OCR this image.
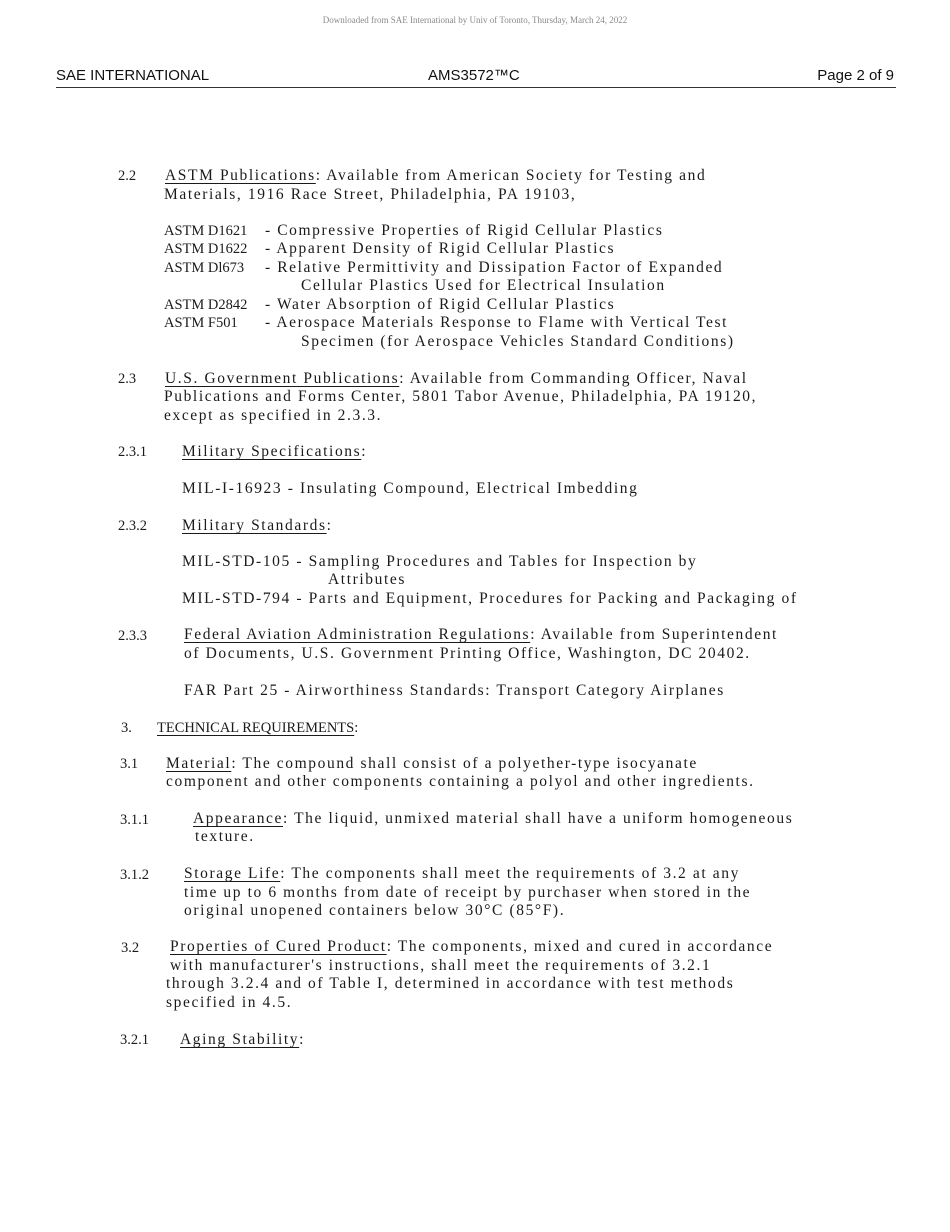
Downloaded from SAE International by Univ of Toronto, Thursday, March 24, 2022
SAE INTERNATIONAL	AMS3572™C	Page 2 of 9
2.2 ASTM Publications: Available from American Society for Testing and
Materials, 1916 Race Street, Philadelphia, PA 19103,
ASTM D1621 - Compressive Properties of Rigid Cellular Plastics
ASTM D1622 - Apparent Density of Rigid Cellular Plastics
ASTM Dl673 - Relative Permittivity and Dissipation Factor of Expanded
Cellular Plastics Used for Electrical Insulation
ASTM D2842 - Water Absorption of Rigid Cellular Plastics
ASTM F501 - Aerospace Materials Response to Flame with Vertical Test
Specimen (for Aerospace Vehicles Standard Conditions)
2.3 U.S. Government Publications: Available from Commanding Officer, Naval
Publications and Forms Center, 5801 Tabor Avenue, Philadelphia, PA 19120,
except as specified in 2.3.3.
2.3.1 Military Specifications:
MIL-I-16923 - Insulating Compound, Electrical Imbedding
2.3.2 Military Standards:
MIL-STD-105 - Sampling Procedures and Tables for Inspection by
Attributes
MIL-STD-794 - Parts and Equipment, Procedures for Packing and Packaging of
2.3.3 Federal Aviation Administration Regulations: Available from Superintendent
of Documents, U.S. Government Printing Office, Washington, DC 20402.
FAR Part 25 - Airworthiness Standards: Transport Category Airplanes
3. TECHNICAL REQUIREMENTS:
3.1 Material: The compound shall consist of a polyether-type isocyanate
component and other components containing a polyol and other ingredients.
3.1.1	Appearance: The liquid, unmixed material shall have a uniform homogeneous
texture.
3.1.2 Storage Life: The components shall meet the requirements of 3.2 at any
time up to 6 months from date of receipt by purchaser when stored in the
original unopened containers below 30°C (85°F).
3.2 Properties of Cured Product: The components, mixed and cured in accordance
with manufacturer's instructions, shall meet the requirements of 3.2.1
through 3.2.4 and of Table I, determined in accordance with test methods
specified in 4.5.
3.2.1 Aging Stability:
